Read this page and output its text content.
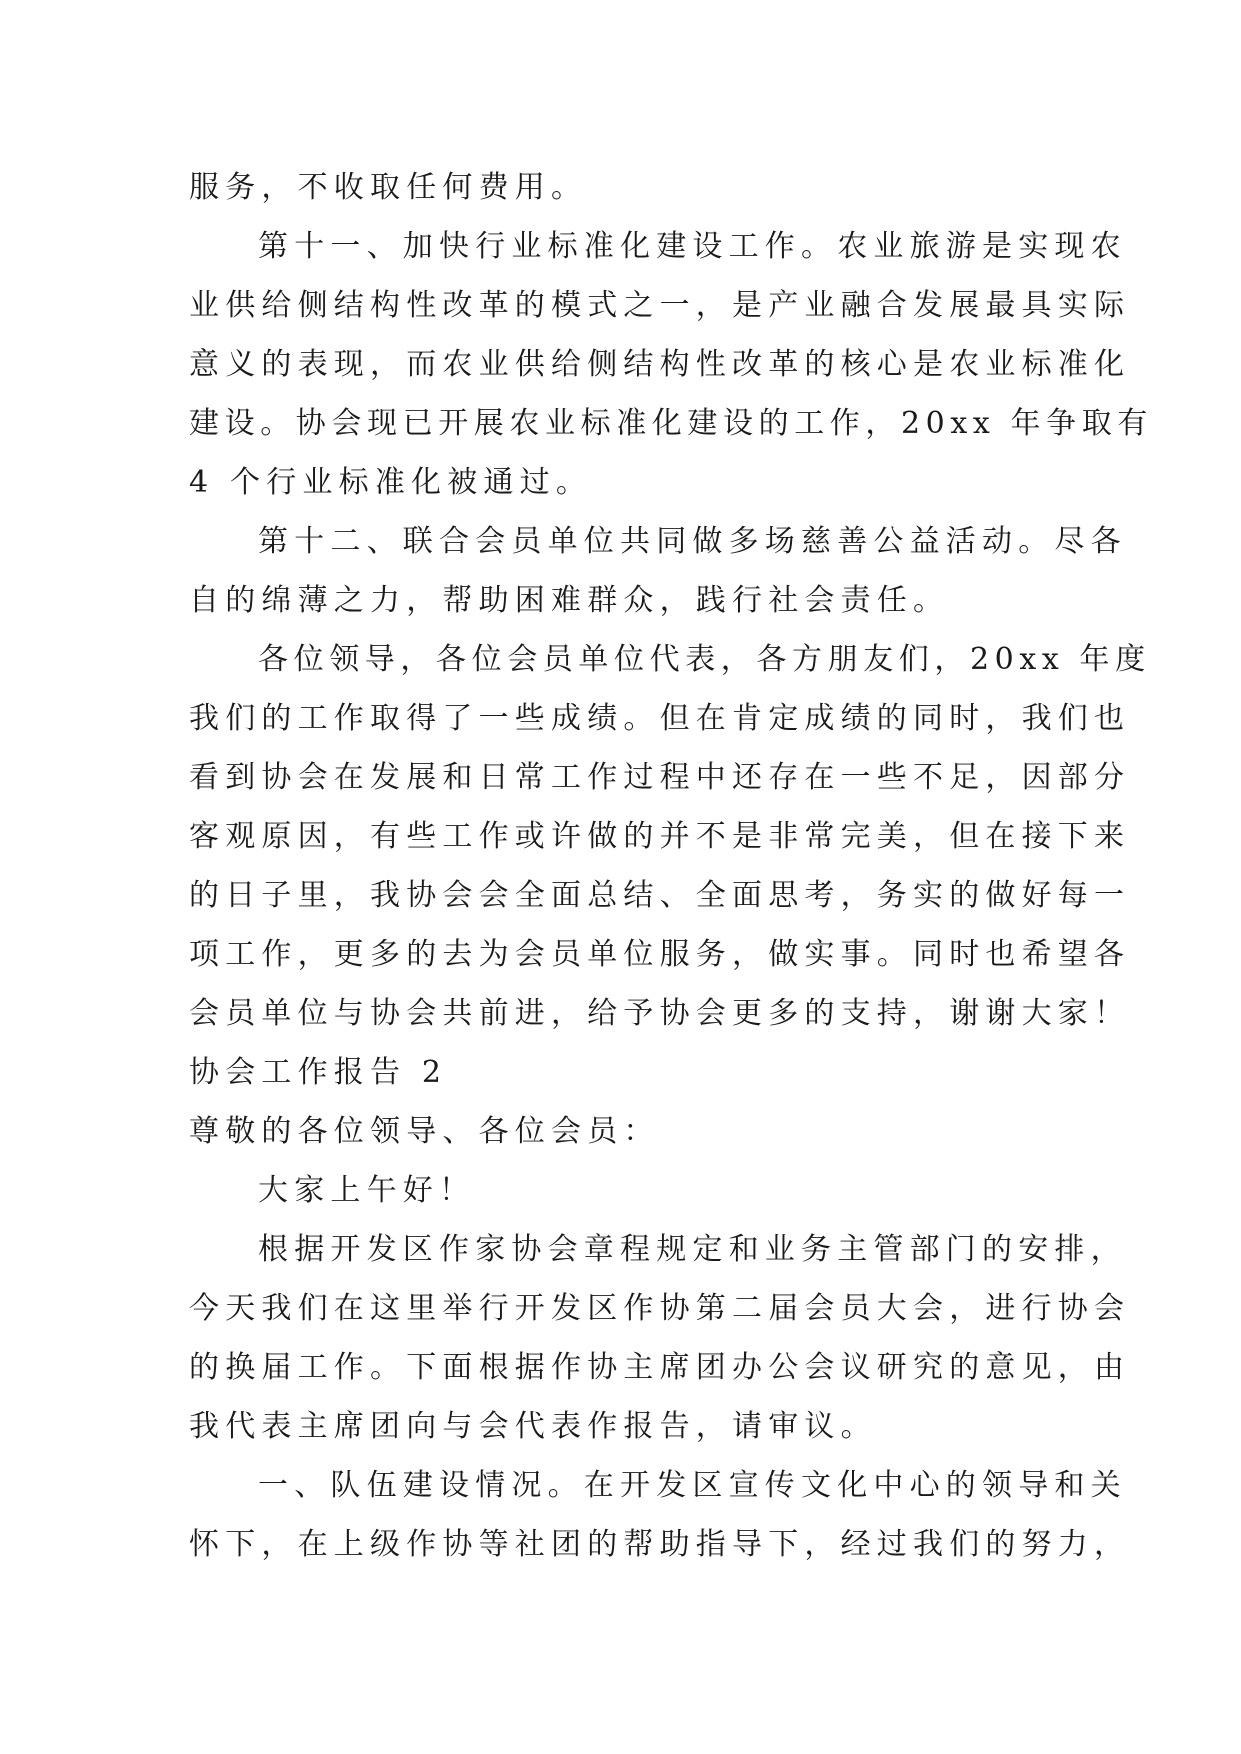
服务，不收取任何费用。
第十一、加快行业标准化建设工作。农业旅游是实现农
业供给侧结构性改革的模式之一，是产业融合发展最具实际
意义的表现，而农业供给侧结构性改革的核心是农业标准化
建设。协会现已开展农业标准化建设的工作，20xx 年争取有
4 个行业标准化被通过。
第十二、联合会员单位共同做多场慈善公益活动。尽各
自的绵薄之力，帮助困难群众，践行社会责任。
各位领导，各位会员单位代表，各方朋友们，20xx 年度
我们的工作取得了一些成绩。但在肯定成绩的同时，我们也
看到协会在发展和日常工作过程中还存在一些不足，因部分
客观原因，有些工作或许做的并不是非常完美，但在接下来
的日子里，我协会会全面总结、全面思考，务实的做好每一
项工作，更多的去为会员单位服务，做实事。同时也希望各
会员单位与协会共前进，给予协会更多的支持，谢谢大家！
协会工作报告 2
尊敬的各位领导、各位会员：
大家上午好！
根据开发区作家协会章程规定和业务主管部门的安排，
今天我们在这里举行开发区作协第二届会员大会，进行协会
的换届工作。下面根据作协主席团办公会议研究的意见，由
我代表主席团向与会代表作报告，请审议。
一、队伍建设情况。在开发区宣传文化中心的领导和关
怀下，在上级作协等社团的帮助指导下，经过我们的努力，
